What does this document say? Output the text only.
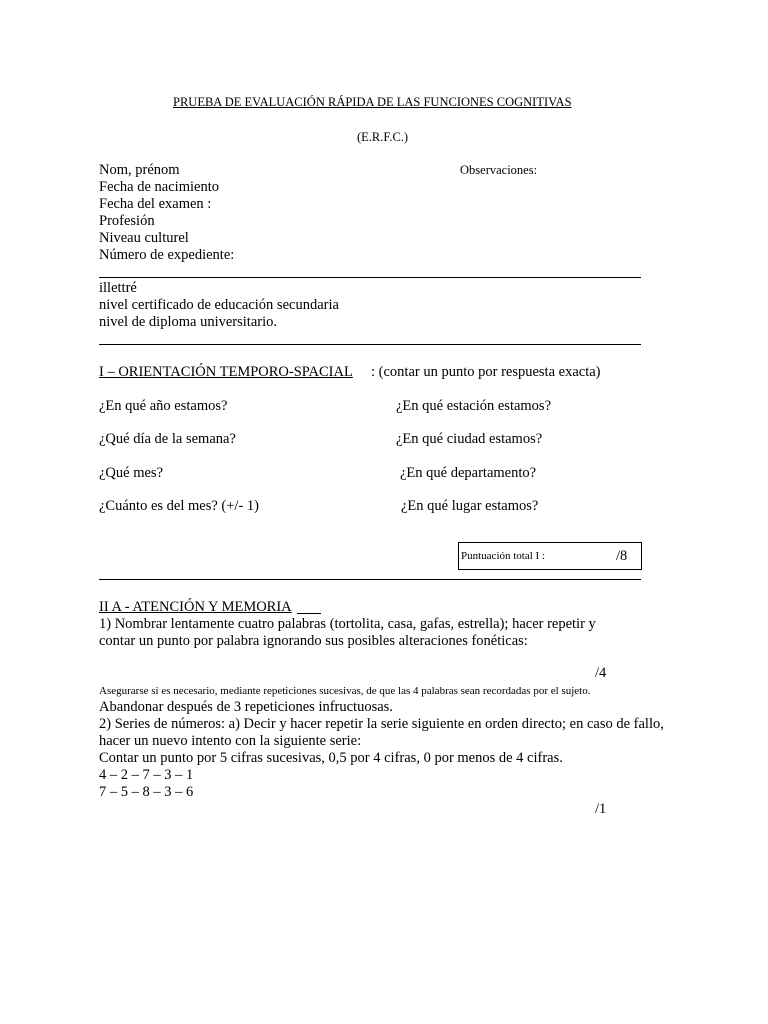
PRUEBA DE EVALUACIÓN RÁPIDA DE LAS FUNCIONES COGNITIVAS
(E.R.F.C.)
Nom, prénom
Fecha de nacimiento
Fecha del examen :
Profesión
Niveau culturel
Número de expediente:
Observaciones:
illettré
nivel certificado de educación secundaria
nivel de diploma universitario.
I – ORIENTACIÓN TEMPORO-SPACIAL : (contar un punto por respuesta exacta)
¿En qué año estamos?	¿En qué estación estamos?
¿Qué día de la semana?	¿En qué ciudad estamos?
¿Qué mes?	¿En qué departamento?
¿Cuánto es del mes? (+/- 1)	¿En qué lugar estamos?
Puntuación total I :	/8
II A - ATENCIÓN Y MEMORIA
1) Nombrar lentamente cuatro palabras (tortolita, casa, gafas, estrella); hacer repetir y
contar un punto por palabra ignorando sus posibles alteraciones fonéticas:
/4
Asegurarse si es necesario, mediante repeticiones sucesivas, de que las 4 palabras sean recordadas por el sujeto.
Abandonar después de 3 repeticiones infructuosas.
2) Series de números: a) Decir y hacer repetir la serie siguiente en orden directo; en caso de fallo,
hacer un nuevo intento con la siguiente serie:
Contar un punto por 5 cifras sucesivas, 0,5 por 4 cifras, 0 por menos de 4 cifras.
4 – 2 – 7 – 3 – 1
7 – 5 – 8 – 3 – 6
/1
